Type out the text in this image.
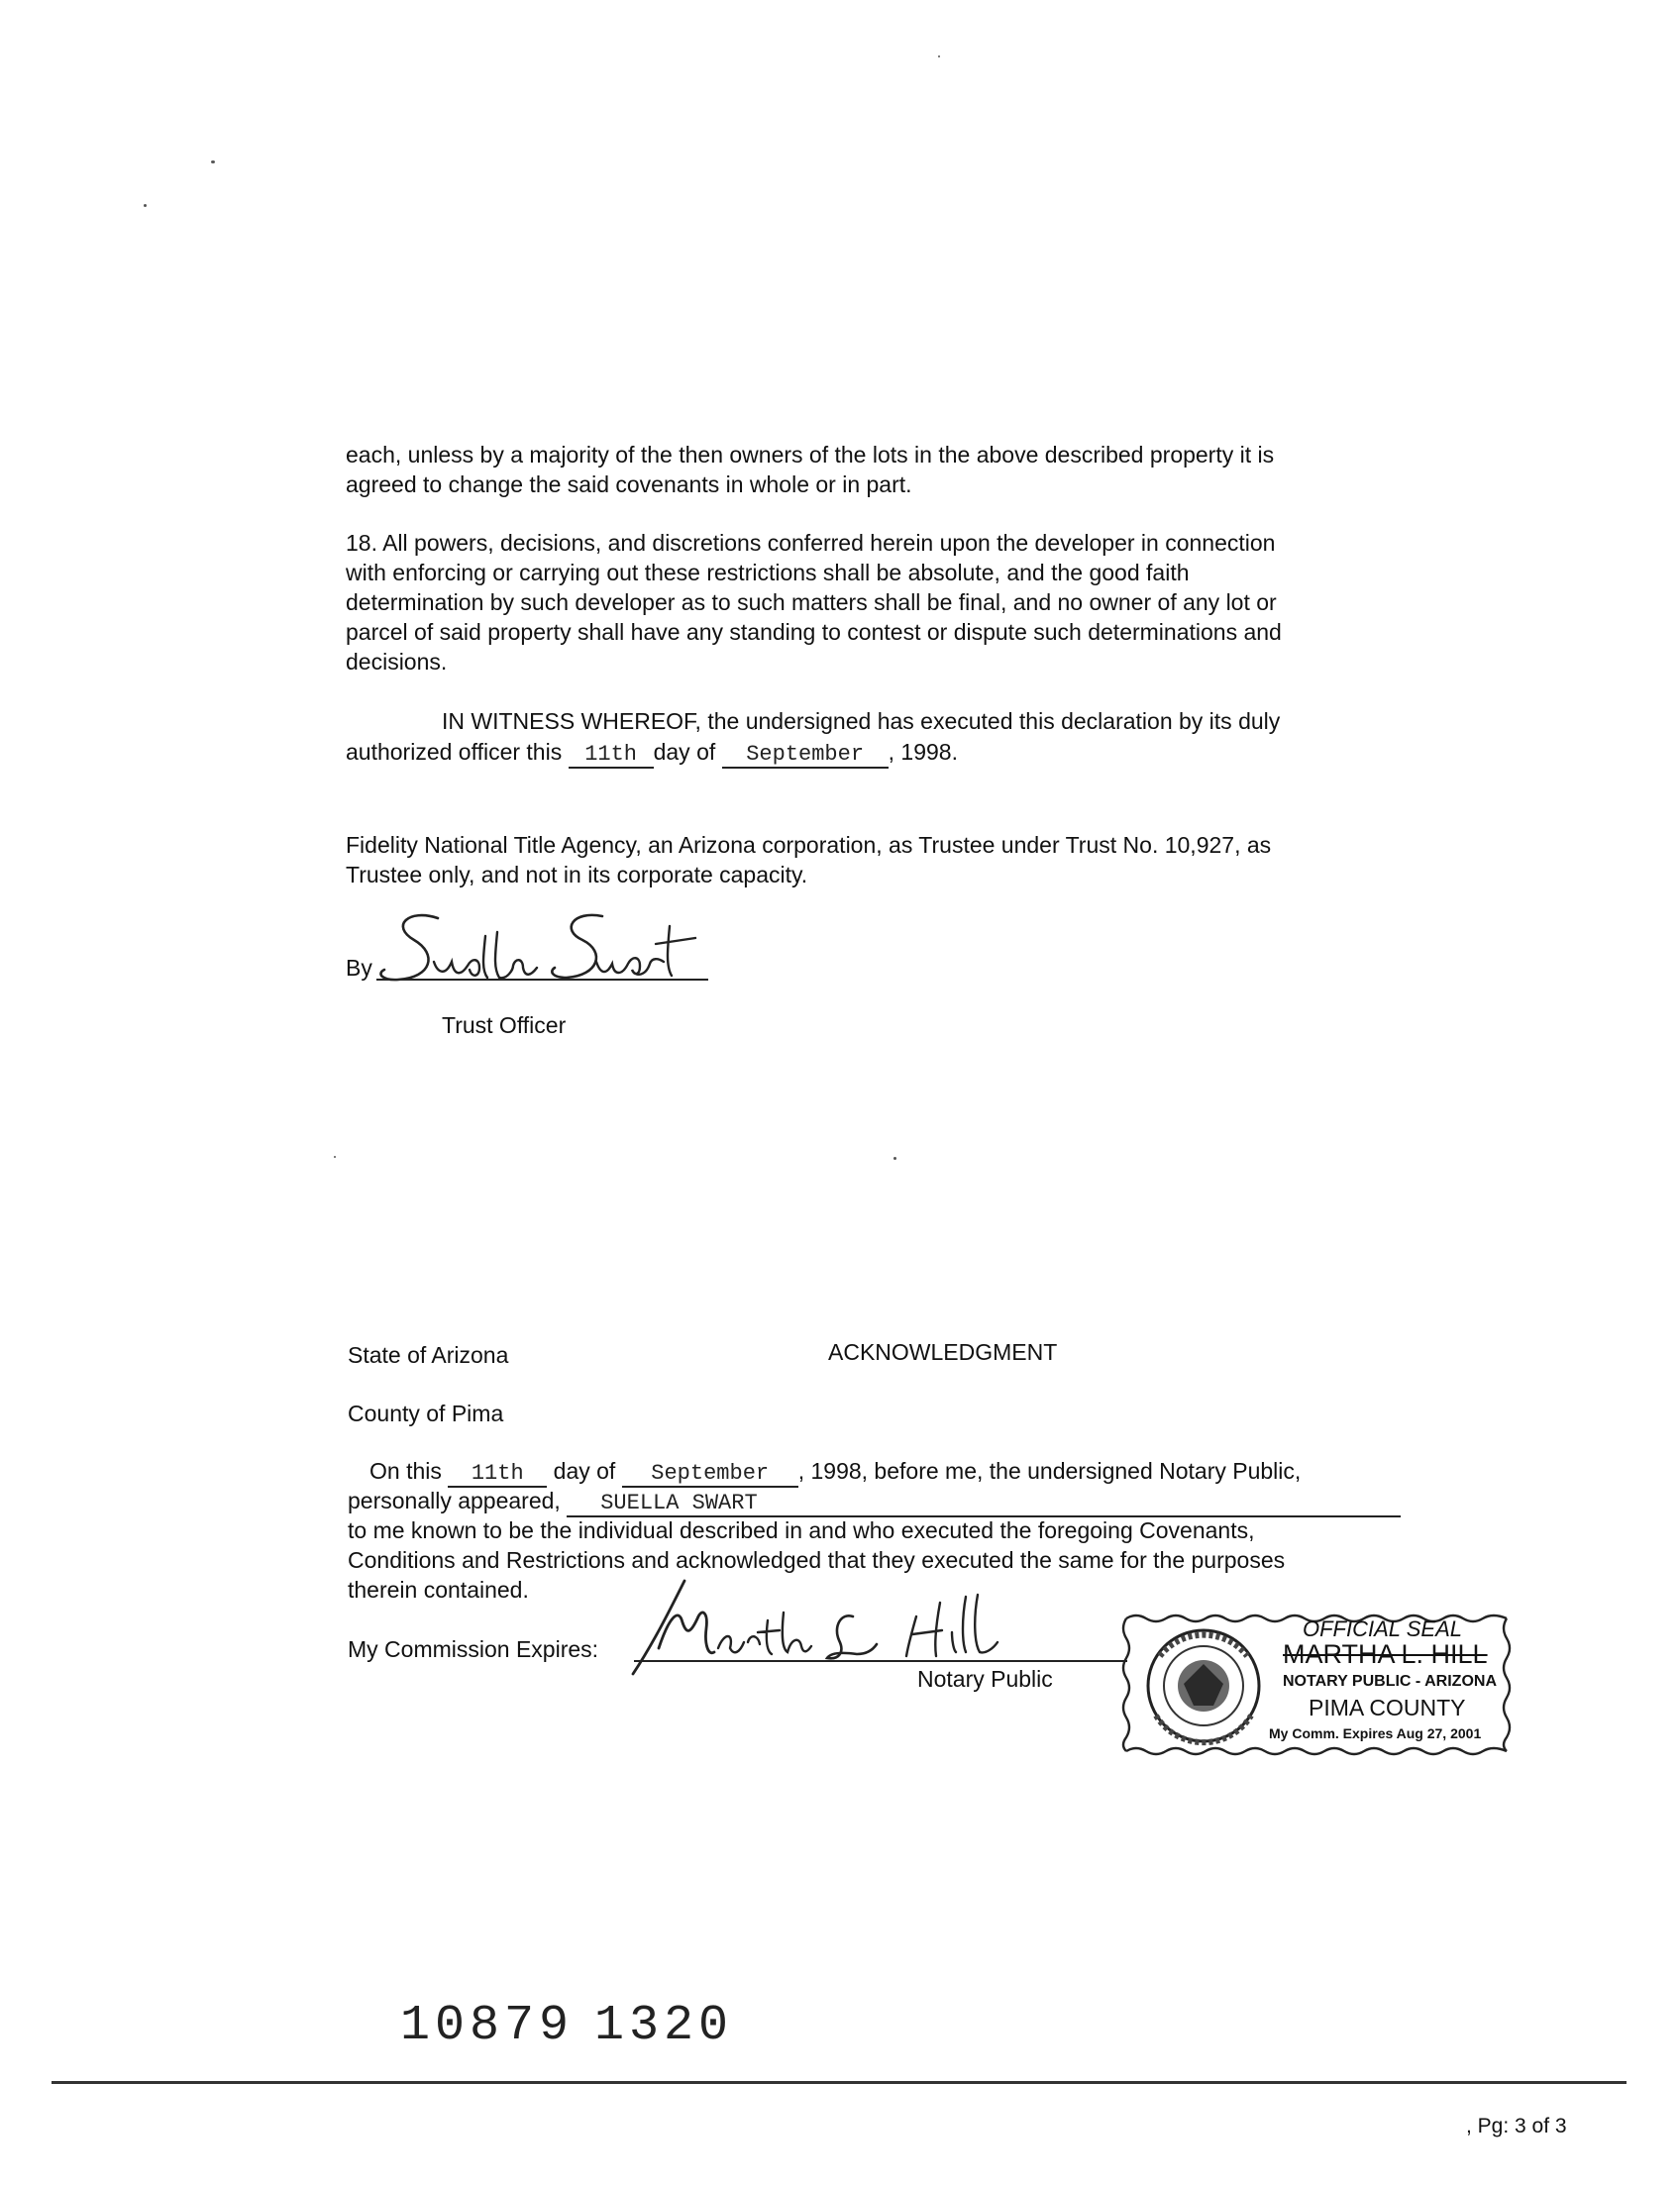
each, unless by a majority of the then owners of the lots in the above described property it is
agreed to change the said covenants in whole or in part.
18. All powers, decisions, and discretions conferred herein upon the developer in connection
with enforcing or carrying out these restrictions shall be absolute, and the good faith
determination by such developer as to such matters shall be final, and no owner of any lot or
parcel of said property shall have any standing to contest or dispute such determinations and
decisions.
IN WITNESS WHEREOF, the undersigned has executed this declaration by its duly
authorized officer this 11th day of September , 1998.
Fidelity National Title Agency, an Arizona corporation, as Trustee under Trust No. 10,927, as
Trustee only, and not in its corporate capacity.
By
Trust Officer
State of Arizona	ACKNOWLEDGMENT
County of Pima
On this 11th day of September , 1998, before me, the undersigned Notary Public,
personally appeared, SUELLA SWART
to me known to be the individual described in and who executed the foregoing Covenants,
Conditions and Restrictions and acknowledged that they executed the same for the purposes
therein contained.
My Commission Expires:
Notary Public
OFFICIAL SEAL
MARTHA L. HILL
NOTARY PUBLIC - ARIZONA
PIMA COUNTY
My Comm. Expires Aug 27, 2001
10879 1320
, Pg: 3 of 3
